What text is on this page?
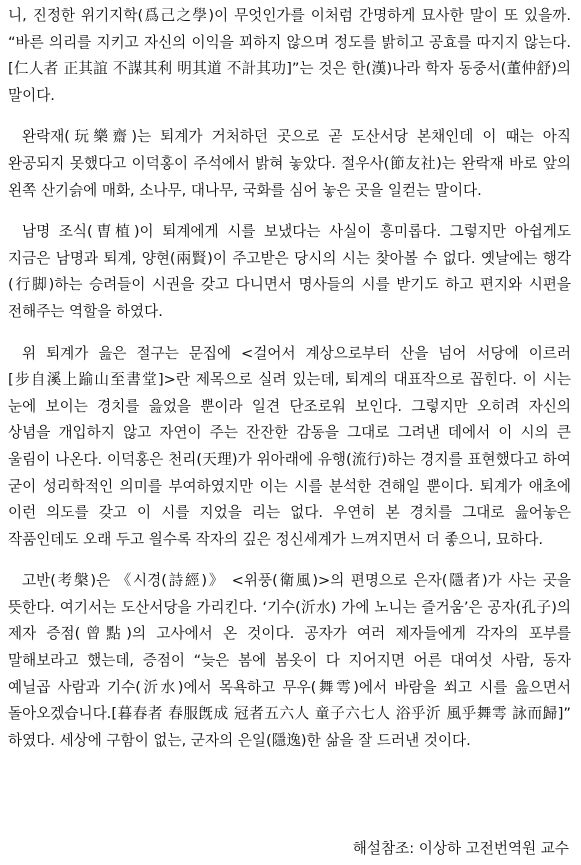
니, 진정한 위기지학(爲己之學)이 무엇인가를 이처럼 간명하게 묘사한 말이 또 있을까. “바른 의리를 지키고 자신의 이익을 꾀하지 않으며 정도를 밝히고 공효를 따지지 않는다.[仁人者 正其誼 不謀其利 明其道 不計其功]”는 것은 한(漢)나라 학자 동중서(董仲舒)의 말이다.

완락재(玩樂齋)는 퇴계가 거처하던 곳으로 곧 도산서당 본채인데 이 때는 아직 완공되지 못했다고 이덕홍이 주석에서 밝혀 놓았다. 절우사(節友社)는 완락재 바로 앞의 왼쪽 산기슭에 매화, 소나무, 대나무, 국화를 심어 놓은 곳을 일컫는 말이다.

남명 조식(曺植)이 퇴계에게 시를 보냈다는 사실이 흥미롭다. 그렇지만 아쉽게도 지금은 남명과 퇴계, 양현(兩賢)이 주고받은 당시의 시는 찾아볼 수 없다. 옛날에는 행각(行脚)하는 승려들이 시권을 갖고 다니면서 명사들의 시를 받기도 하고 편지와 시편을 전해주는 역할을 하였다.

위 퇴계가 읊은 절구는 문집에 <걸어서 계상으로부터 산을 넘어 서당에 이르러[步自溪上踰山至書堂]>란 제목으로 실려 있는데, 퇴계의 대표작으로 꼽힌다. 이 시는 눈에 보이는 경치를 읊었을 뿐이라 일견 단조로워 보인다. 그렇지만 오히려 자신의 상념을 개입하지 않고 자연이 주는 잔잔한 감동을 그대로 그려낸 데에서 이 시의 큰 울림이 나온다. 이덕홍은 천리(天理)가 위아래에 유행(流行)하는 경지를 표현했다고 하여 굳이 성리학적인 의미를 부여하였지만 이는 시를 분석한 견해일 뿐이다. 퇴계가 애초에 이런 의도를 갖고 이 시를 지었을 리는 없다. 우연히 본 경치를 그대로 읊어놓은 작품인데도 오래 두고 읠수록 작자의 깊은 정신세계가 느껴지면서 더 좋으니, 묘하다.

고반(考槃)은 《시경(詩經)》 <위풍(衛風)>의 편명으로 은자(隱者)가 사는 곳을 뜻한다. 여기서는 도산서당을 가리킨다. ‘기수(沂水) 가에 노니는 즐거움’은 공자(孔子)의 제자 증점(曾點)의 고사에서 온 것이다. 공자가 여러 제자들에게 각자의 포부를 말해보라고 했는데, 증점이 “늦은 봄에 봄옷이 다 지어지면 어른 대여섯 사람, 동자 예닐곱 사람과 기수(沂水)에서 목욕하고 무우(舞雩)에서 바람을 쐬고 시를 읊으면서 돌아오겠습니다.[暮春者 春服旣成 冠者五六人 童子六七人 浴乎沂 風乎舞雩 詠而歸]” 하였다. 세상에 구함이 없는, 군자의 은일(隱逸)한 삶을 잘 드러낸 것이다.

해설참조: 이상하 고전번역원 교수
